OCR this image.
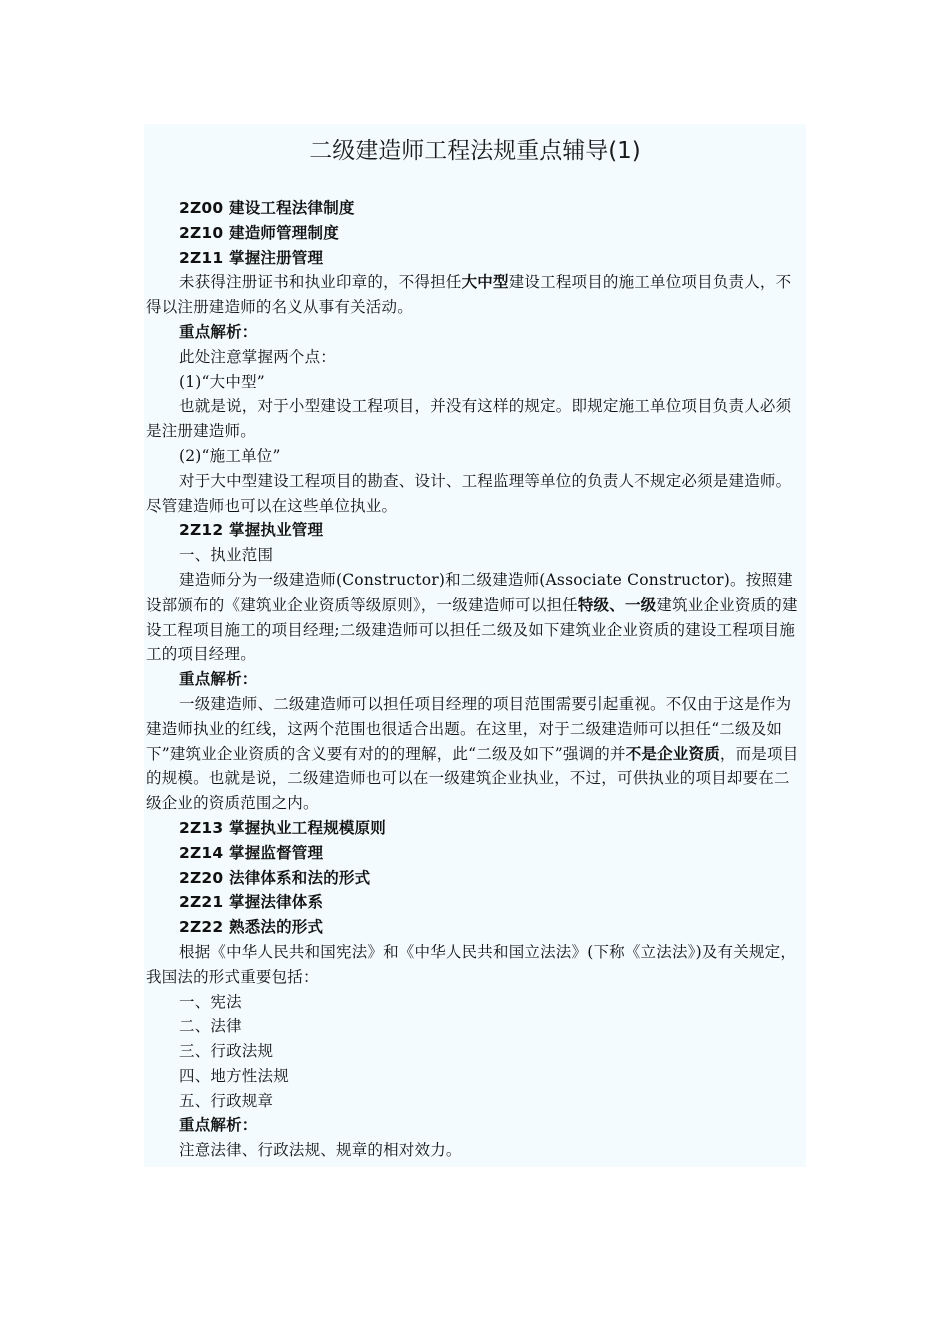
二级建造师工程法规重点辅导(1)

2Z00 建设工程法律制度

2Z10 建造师管理制度

2Z11 掌握注册管理

未获得注册证书和执业印章的，不得担任大中型建设工程项目的施工单位项目负责人，不得以注册建造师的名义从事有关活动。

重点解析：

此处注意掌握两个点：

(1)“大中型”

也就是说，对于小型建设工程项目，并没有这样的规定。即规定施工单位项目负责人必须是注册建造师。

(2)“施工单位”

对于大中型建设工程项目的勘查、设计、工程监理等单位的负责人不规定必须是建造师。尽管建造师也可以在这些单位执业。

2Z12 掌握执业管理

一、执业范围

建造师分为一级建造师(Constructor)和二级建造师(Associate Constructor)。按照建设部颁布的《建筑业企业资质等级原则》，一级建造师可以担任特级、一级建筑业企业资质的建设工程项目施工的项目经理;二级建造师可以担任二级及如下建筑业企业资质的建设工程项目施工的项目经理。

重点解析：

一级建造师、二级建造师可以担任项目经理的项目范围需要引起重视。不仅由于这是作为建造师执业的红线，这两个范围也很适合出题。在这里，对于二级建造师可以担任“二级及如下”建筑业企业资质的含义要有对的的理解，此“二级及如下”强调的并不是企业资质，而是项目的规模。也就是说，二级建造师也可以在一级建筑企业执业，不过，可供执业的项目却要在二级企业的资质范围之内。

2Z13 掌握执业工程规模原则

2Z14 掌握监督管理

2Z20 法律体系和法的形式

2Z21 掌握法律体系

2Z22 熟悉法的形式

根据《中华人民共和国宪法》和《中华人民共和国立法法》(下称《立法法》)及有关规定，我国法的形式重要包括：

一、宪法

二、法律

三、行政法规

四、地方性法规

五、行政规章

重点解析：

注意法律、行政法规、规章的相对效力。
